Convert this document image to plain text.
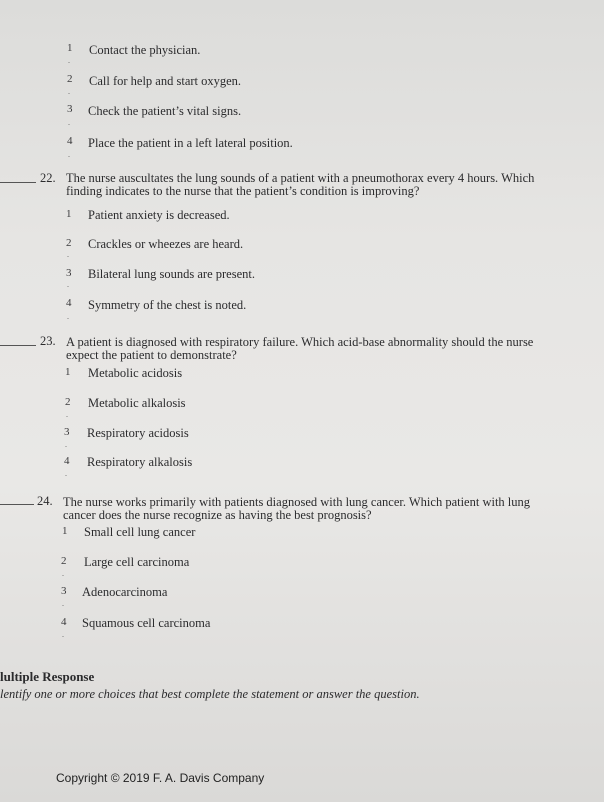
1 Contact the physician.
.
2 Call for help and start oxygen.
.
3 Check the patient’s vital signs.
.
4 Place the patient in a left lateral position.
.
22. The nurse auscultates the lung sounds of a patient with a pneumothorax every 4 hours. Which
finding indicates to the nurse that the patient’s condition is improving?
1 Patient anxiety is decreased.
2 Crackles or wheezes are heard.
.
3 Bilateral lung sounds are present.
.
4 Symmetry of the chest is noted.
.
23. A patient is diagnosed with respiratory failure. Which acid-base abnormality should the nurse
expect the patient to demonstrate?
1 Metabolic acidosis
2 Metabolic alkalosis
.
3 Respiratory acidosis
.
4 Respiratory alkalosis
.
24. The nurse works primarily with patients diagnosed with lung cancer. Which patient with lung
cancer does the nurse recognize as having the best prognosis?
1 Small cell lung cancer
2 Large cell carcinoma
.
3 Adenocarcinoma
.
4 Squamous cell carcinoma
.
lultiple Response
lentify one or more choices that best complete the statement or answer the question.
Copyright © 2019 F. A. Davis Company
